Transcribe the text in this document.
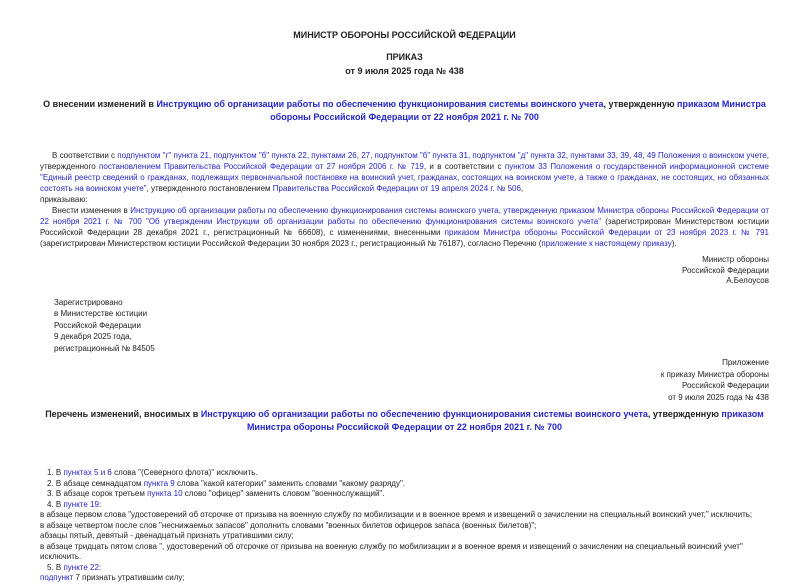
МИНИСТР ОБОРОНЫ РОССИЙСКОЙ ФЕДЕРАЦИИ
ПРИКАЗ
от 9 июля 2025 года № 438
О внесении изменений в Инструкцию об организации работы по обеспечению функционирования системы воинского учета, утвержденную приказом Министра обороны Российской Федерации от 22 ноября 2021 г. № 700
В соответствии с подпунктом "г" пункта 21, подпунктом "б" пункта 22, пунктами 26, 27, подпунктом "б" пункта 31, подпунктом "д" пункта 32, пунктами 33, 39, 48, 49 Положения о воинском учете, утвержденного постановлением Правительства Российской Федерации от 27 ноября 2006 г. № 719, и в соответствии с пунктом 33 Положения о государственной информационной системе "Единый реестр сведений о гражданах, подлежащих первоначальной постановке на воинский учет, гражданах, состоящих на воинском учете, а также о гражданах, не состоящих, но обязанных состоять на воинском учете", утвержденного постановлением Правительства Российской Федерации от 19 апреля 2024 г. № 506,
приказываю:
Внести изменения в Инструкцию об организации работы по обеспечению функционирования системы воинского учета, утвержденную приказом Министра обороны Российской Федерации от 22 ноября 2021 г. № 700 "Об утверждении Инструкции об организации работы по обеспечению функционирования системы воинского учета" (зарегистрирован Министерством юстиции Российской Федерации 28 декабря 2021 г., регистрационный № 66608), с изменениями, внесенными приказом Министра обороны Российской Федерации от 23 ноября 2023 г. № 791 (зарегистрирован Министерством юстиции Российской Федерации 30 ноября 2023 г., регистрационный № 76187), согласно Перечню (приложение к настоящему приказу).
Министр обороны
Российской Федерации
А.Белоусов
Зарегистрировано
в Министерстве юстиции
Российской Федерации
9 декабря 2025 года,
регистрационный № 84505
Приложение
к приказу Министра обороны
Российской Федерации
от 9 июля 2025 года № 438
Перечень изменений, вносимых в Инструкцию об организации работы по обеспечению функционирования системы воинского учета, утвержденную приказом Министра обороны Российской Федерации от 22 ноября 2021 г. № 700
1. В пунктах 5 и 6 слова "(Северного флота)" исключить.
2. В абзаце семнадцатом пункта 9 слова "какой категории" заменить словами "какому разряду".
3. В абзаце сорок третьем пункта 10 слово "офицер" заменить словом "военнослужащий".
4. В пункте 19:
в абзаце первом слова "удостоверений об отсрочке от призыва на военную службу по мобилизации и в военное время и извещений о зачислении на специальный воинский учет," исключить;
в абзаце четвертом после слов "неснижаемых запасов" дополнить словами "военных билетов офицеров запаса (военных билетов)";
абзацы пятый, девятый - двенадцатый признать утратившими силу;
в абзаце тридцать пятом слова ", удостоверений об отсрочке от призыва на военную службу по мобилизации и в военное время и извещений о зачислении на специальный воинский учет" исключить.
5. В пункте 22:
подпункт 7 признать утратившим силу;
